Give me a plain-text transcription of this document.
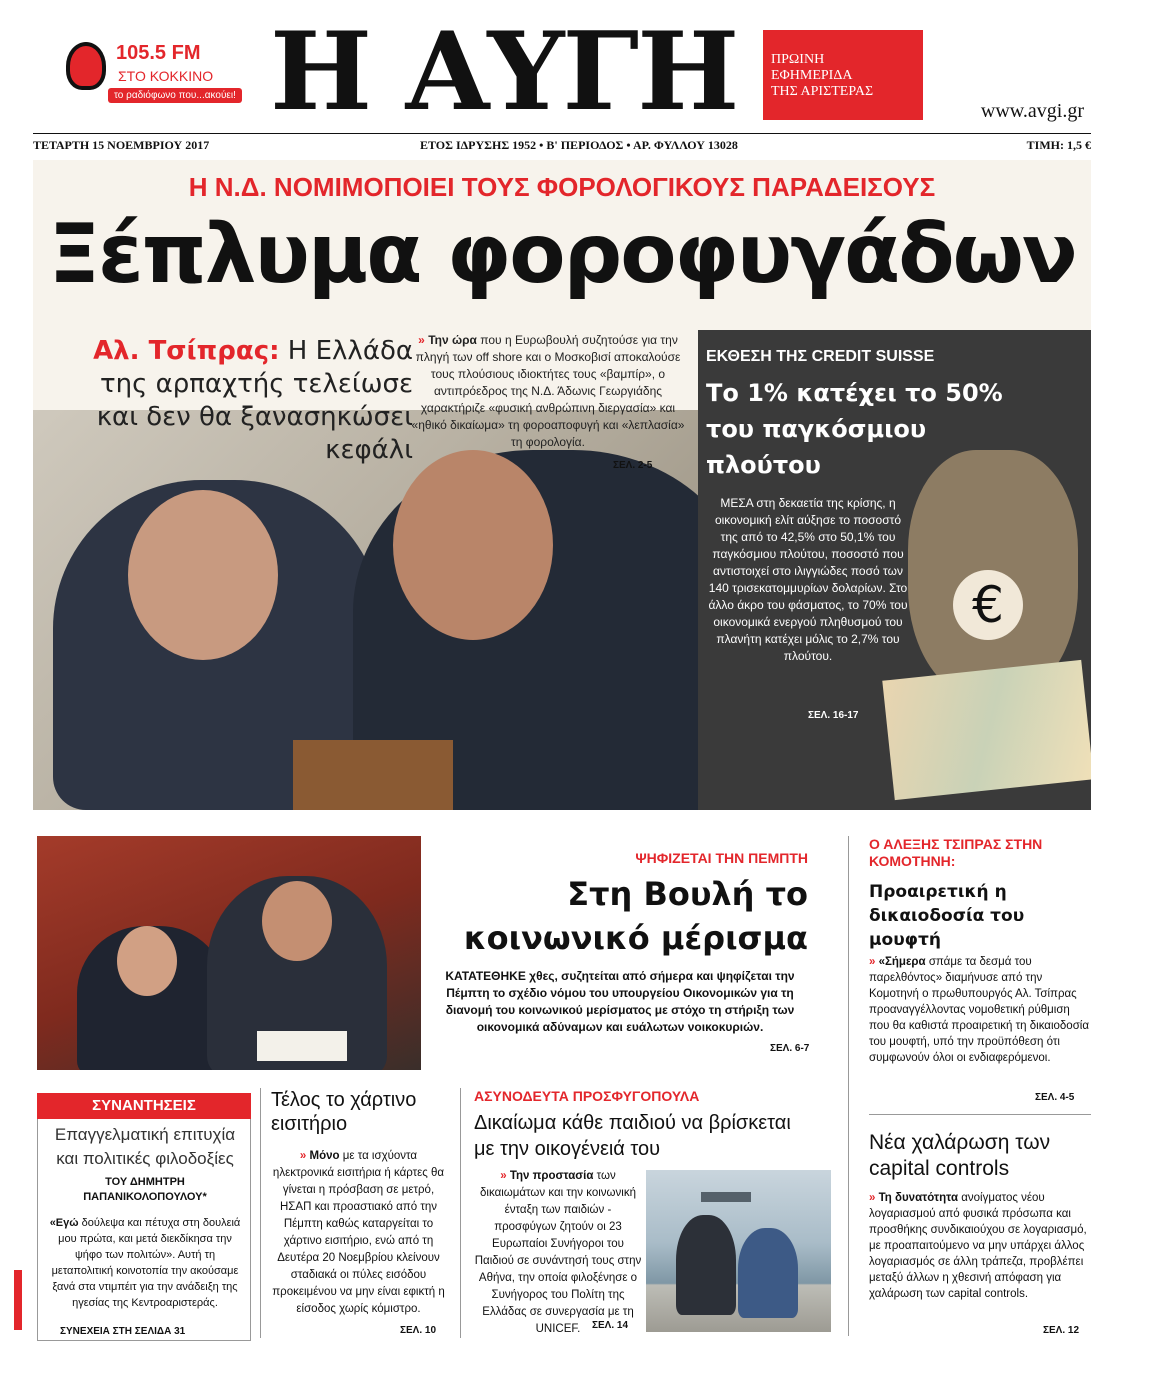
105.5 FM
ΣΤΟ ΚΟΚΚΙΝΟ
το ραδιόφωνο που...ακούει! Η ΑΥΓΗ	ΠΡΩΙΝΗ
ΕΦΗΜΕΡΙΔΑ
ΤΗΣ ΑΡΙΣΤΕΡΑΣ
www.avgi.gr
ΤΕΤΑΡΤΗ 15 ΝΟΕΜΒΡΙΟΥ 2017	ΕΤΟΣ ΙΔΡΥΣΗΣ 1952 • Β' ΠΕΡΙΟΔΟΣ • ΑΡ. ΦΥΛΛΟΥ 13028	ΤΙΜΗ: 1,5 €
Η Ν.Δ. ΝΟΜΙΜΟΠΟΙΕΙ ΤΟΥΣ ΦΟΡΟΛΟΓΙΚΟΥΣ ΠΑΡΑΔΕΙΣΟΥΣ
Ξέπλυμα φοροφυγάδων
Αλ. Τσίπρας: Η Ελλάδα της αρπαχτής τελείωσε και δεν θα ξανασηκώσει κεφάλι
» Την ώρα που η Ευρωβουλή συζητούσε για την πληγή των off shore και ο Μοσκοβισί αποκαλούσε τους πλούσιους ιδιοκτήτες τους «βαμπίρ», ο αντιπρόεδρος της Ν.Δ. Άδωνις Γεωργιάδης χαρακτήριζε «φυσική ανθρώπινη διεργασία» και «ηθικό δικαίωμα» τη φοροαποφυγή και «λεπλασία» τη φορολογία.
ΣΕΛ. 2-5
ΕΚΘΕΣΗ ΤΗΣ CREDIT SUISSE
Το 1% κατέχει το 50% του παγκόσμιου πλούτου
ΜΕΣΑ στη δεκαετία της κρίσης, η οικονομική ελίτ αύξησε το ποσοστό της από το 42,5% στο 50,1% του παγκόσμιου πλούτου, ποσοστό που αντιστοιχεί στο ιλιγγιώδες ποσό των 140 τρισεκατομμυρίων δολαρίων. Στο άλλο άκρο του φάσματος, το 70% του οικονομικά ενεργού πληθυσμού του πλανήτη κατέχει μόλις το 2,7% του πλούτου.
ΣΕΛ. 16-17
€
ΨΗΦΙΖΕΤΑΙ ΤΗΝ ΠΕΜΠΤΗ
Στη Βουλή το κοινωνικό μέρισμα
ΚΑΤΑΤΕΘΗΚΕ χθες, συζητείται από σήμερα και ψηφίζεται την Πέμπτη το σχέδιο νόμου του υπουργείου Οικονομικών για τη διανομή του κοινωνικού μερίσματος με στόχο τη στήριξη των οικονομικά αδύναμων και ευάλωτων νοικοκυριών.
ΣΕΛ. 6-7
Ο ΑΛΕΞΗΣ ΤΣΙΠΡΑΣ ΣΤΗΝ ΚΟΜΟΤΗΝΗ:
Προαιρετική η δικαιοδοσία του μουφτή
» «Σήμερα σπάμε τα δεσμά του παρελθόντος» διαμήνυσε από την Κομοτηνή ο πρωθυπουργός Αλ. Τσίπρας προαναγγέλλοντας νομοθετική ρύθμιση που θα καθιστά προαιρετική τη δικαιοδοσία του μουφτή, υπό την προϋπόθεση ότι συμφωνούν όλοι οι ενδιαφερόμενοι.
ΣΕΛ. 4-5
ΣΥΝΑΝΤΗΣΕΙΣ
Επαγγελματική επιτυχία και πολιτικές φιλοδοξίες
ΤΟΥ ΔΗΜΗΤΡΗ ΠΑΠΑΝΙΚΟΛΟΠΟΥΛΟΥ*
«Εγώ δούλεψα και πέτυχα στη δουλειά μου πρώτα, και μετά διεκδίκησα την ψήφο των πολιτών». Αυτή τη μεταπολιτική κοινοτοπία την ακούσαμε ξανά στα ντιμπέιτ για την ανάδειξη της ηγεσίας της Κεντροαριστεράς.
ΣΥΝΕΧΕΙΑ ΣΤΗ ΣΕΛΙΔΑ 31
Τέλος το χάρτινο εισιτήριο
» Μόνο με τα ισχύοντα ηλεκτρονικά εισιτήρια ή κάρτες θα γίνεται η πρόσβαση σε μετρό, ΗΣΑΠ και προαστιακό από την Πέμπτη καθώς καταργείται το χάρτινο εισιτήριο, ενώ από τη Δευτέρα 20 Νοεμβρίου κλείνουν σταδιακά οι πύλες εισόδου προκειμένου να μην είναι εφικτή η είσοδος χωρίς κόμιστρο.
ΣΕΛ. 10
ΑΣΥΝΟΔΕΥΤΑ ΠΡΟΣΦΥΓΟΠΟΥΛΑ
Δικαίωμα κάθε παιδιού να βρίσκεται με την οικογένειά του
» Την προστασία των δικαιωμάτων και την κοινωνική ένταξη των παιδιών - προσφύγων ζητούν οι 23 Ευρωπαίοι Συνήγοροι του Παιδιού σε συνάντησή τους στην Αθήνα, την οποία φιλοξένησε ο Συνήγορος του Πολίτη της Ελλάδας σε συνεργασία με τη UNICEF.	ΣΕΛ. 14
Νέα χαλάρωση των capital controls
» Τη δυνατότητα ανοίγματος νέου λογαριασμού από φυσικά πρόσωπα και προσθήκης συνδικαιούχου σε λογαριασμό, με προαπαιτούμενο να μην υπάρχει άλλος λογαριασμός σε άλλη τράπεζα, προβλέπει μεταξύ άλλων η χθεσινή απόφαση για χαλάρωση των capital controls.
ΣΕΛ. 12
